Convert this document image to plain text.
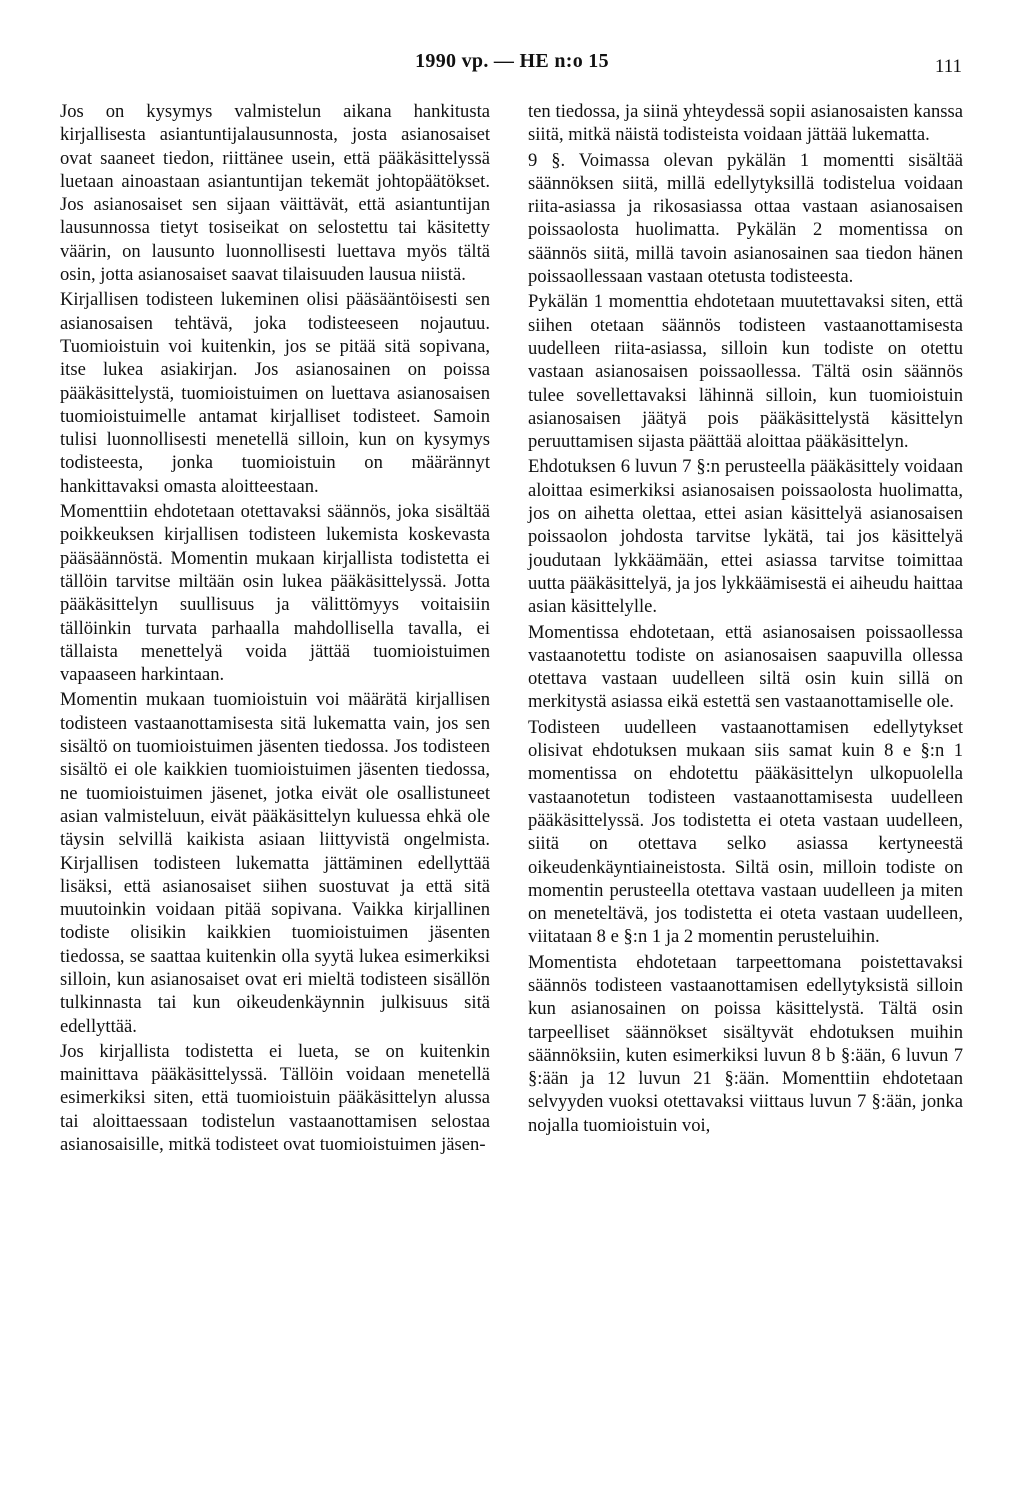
1990 vp. — HE n:o 15	111

Jos on kysymys valmistelun aikana hankitusta kirjallisesta asiantuntijalausunnosta, josta asianosaiset ovat saaneet tiedon, riittänee usein, että pääkäsittelyssä luetaan ainoastaan asiantuntijan tekemät johtopäätökset. Jos asianosaiset sen sijaan väittävät, että asiantuntijan lausunnossa tietyt tosiseikat on selostettu tai käsitetty väärin, on lausunto luonnollisesti luettava myös tältä osin, jotta asianosaiset saavat tilaisuuden lausua niistä.

Kirjallisen todisteen lukeminen olisi pääsääntöisesti sen asianosaisen tehtävä, joka todisteeseen nojautuu. Tuomioistuin voi kuitenkin, jos se pitää sitä sopivana, itse lukea asiakirjan. Jos asianosainen on poissa pääkäsittelystä, tuomioistuimen on luettava asianosaisen tuomioistuimelle antamat kirjalliset todisteet. Samoin tulisi luonnollisesti menetellä silloin, kun on kysymys todisteesta, jonka tuomioistuin on määrännyt hankittavaksi omasta aloitteestaan.

Momenttiin ehdotetaan otettavaksi säännös, joka sisältää poikkeuksen kirjallisen todisteen lukemista koskevasta pääsäännöstä. Momentin mukaan kirjallista todistetta ei tällöin tarvitse miltään osin lukea pääkäsittelyssä. Jotta pääkäsittelyn suullisuus ja välittömyys voitaisiin tällöinkin turvata parhaalla mahdollisella tavalla, ei tällaista menettelyä voida jättää tuomioistuimen vapaaseen harkintaan.

Momentin mukaan tuomioistuin voi määrätä kirjallisen todisteen vastaanottamisesta sitä lukematta vain, jos sen sisältö on tuomioistuimen jäsenten tiedossa. Jos todisteen sisältö ei ole kaikkien tuomioistuimen jäsenten tiedossa, ne tuomioistuimen jäsenet, jotka eivät ole osallistuneet asian valmisteluun, eivät pääkäsittelyn kuluessa ehkä ole täysin selvillä kaikista asiaan liittyvistä ongelmista. Kirjallisen todisteen lukematta jättäminen edellyttää lisäksi, että asianosaiset siihen suostuvat ja että sitä muutoinkin voidaan pitää sopivana. Vaikka kirjallinen todiste olisikin kaikkien tuomioistuimen jäsenten tiedossa, se saattaa kuitenkin olla syytä lukea esimerkiksi silloin, kun asianosaiset ovat eri mieltä todisteen sisällön tulkinnasta tai kun oikeudenkäynnin julkisuus sitä edellyttää.

Jos kirjallista todistetta ei lueta, se on kuitenkin mainittava pääkäsittelyssä. Tällöin voidaan menetellä esimerkiksi siten, että tuomioistuin pääkäsittelyn alussa tai aloittaessaan todistelun vastaanottamisen selostaa asianosaisille, mitkä todisteet ovat tuomioistuimen jäsen-

ten tiedossa, ja siinä yhteydessä sopii asianosaisten kanssa siitä, mitkä näistä todisteista voidaan jättää lukematta.

9 §. Voimassa olevan pykälän 1 momentti sisältää säännöksen siitä, millä edellytyksillä todistelua voidaan riita-asiassa ja rikosasiassa ottaa vastaan asianosaisen poissaolosta huolimatta. Pykälän 2 momentissa on säännös siitä, millä tavoin asianosainen saa tiedon hänen poissaollessaan vastaan otetusta todisteesta.

Pykälän 1 momenttia ehdotetaan muutettavaksi siten, että siihen otetaan säännös todisteen vastaanottamisesta uudelleen riita-asiassa, silloin kun todiste on otettu vastaan asianosaisen poissaollessa. Tältä osin säännös tulee sovellettavaksi lähinnä silloin, kun tuomioistuin asianosaisen jäätyä pois pääkäsittelystä käsittelyn peruuttamisen sijasta päättää aloittaa pääkäsittelyn.

Ehdotuksen 6 luvun 7 §:n perusteella pääkäsittely voidaan aloittaa esimerkiksi asianosaisen poissaolosta huolimatta, jos on aihetta olettaa, ettei asian käsittelyä asianosaisen poissaolon johdosta tarvitse lykätä, tai jos käsittelyä joudutaan lykkäämään, ettei asiassa tarvitse toimittaa uutta pääkäsittelyä, ja jos lykkäämisestä ei aiheudu haittaa asian käsittelylle.

Momentissa ehdotetaan, että asianosaisen poissaollessa vastaanotettu todiste on asianosaisen saapuvilla ollessa otettava vastaan uudelleen siltä osin kuin sillä on merkitystä asiassa eikä estettä sen vastaanottamiselle ole.

Todisteen uudelleen vastaanottamisen edellytykset olisivat ehdotuksen mukaan siis samat kuin 8 e §:n 1 momentissa on ehdotettu pääkäsittelyn ulkopuolella vastaanotetun todisteen vastaanottamisesta uudelleen pääkäsittelyssä. Jos todistetta ei oteta vastaan uudelleen, siitä on otettava selko asiassa kertyneestä oikeudenkäyntiaineistosta. Siltä osin, milloin todiste on momentin perusteella otettava vastaan uudelleen ja miten on meneteltävä, jos todistetta ei oteta vastaan uudelleen, viitataan 8 e §:n 1 ja 2 momentin perusteluihin.

Momentista ehdotetaan tarpeettomana poistettavaksi säännös todisteen vastaanottamisen edellytyksistä silloin kun asianosainen on poissa käsittelystä. Tältä osin tarpeelliset säännökset sisältyvät ehdotuksen muihin säännöksiin, kuten esimerkiksi luvun 8 b §:ään, 6 luvun 7 §:ään ja 12 luvun 21 §:ään. Momenttiin ehdotetaan selvyyden vuoksi otettavaksi viittaus luvun 7 §:ään, jonka nojalla tuomioistuin voi,
